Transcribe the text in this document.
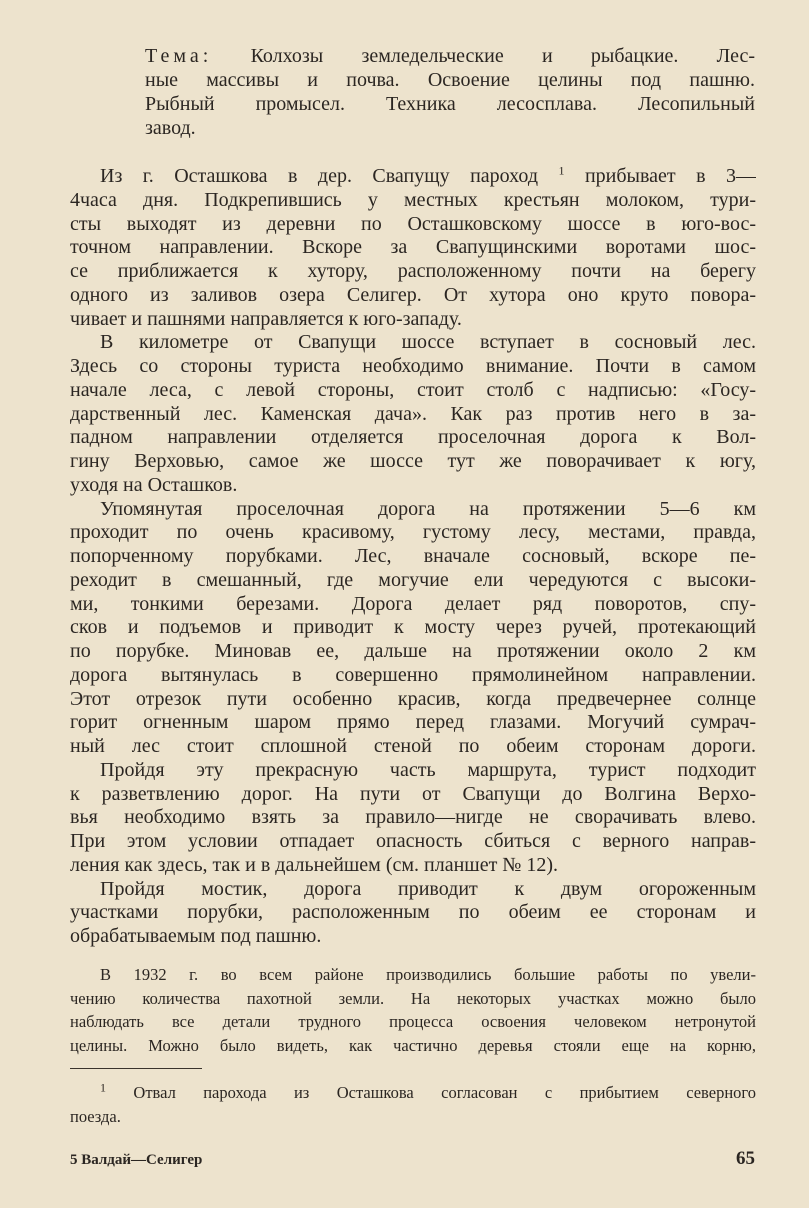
Тема: Колхозы земледельческие и рыбацкие. Лес-
ные массивы и почва. Освоение целины под пашню.
Рыбный промысел. Техника лесосплава. Лесопильный
завод.
Из г. Осташкова в дер. Свапущу пароход $^1$ прибывает в 3—
4часа дня. Подкрепившись у местных крестьян молоком, тури-
сты выходят из деревни по Осташковскому шоссе в юго-вос-
точном направлении. Вскоре за Свапущинскими воротами шос-
се приближается к хутору, расположенному почти на берегу
одного из заливов озера Селигер. От хутора оно круто повора-
чивает и пашнями направляется к юго-западу.
В километре от Свапущи шоссе вступает в сосновый лес.
Здесь со стороны туриста необходимо внимание. Почти в самом
начале леса, с левой стороны, стоит столб с надписью: «Госу-
дарственный лес. Каменская дача». Как раз против него в за-
падном направлении отделяется проселочная дорога к Вол-
гину Верховью, самое же шоссе тут же поворачивает к югу,
уходя на Осташков.
Упомянутая проселочная дорога на протяжении 5—6 км
проходит по очень красивому, густому лесу, местами, правда,
попорченному порубками. Лес, вначале сосновый, вскоре пе-
реходит в смешанный, где могучие ели чередуются с высоки-
ми, тонкими березами. Дорога делает ряд поворотов, спу-
сков и подъемов и приводит к мосту через ручей, протекающий
по порубке. Миновав ее, дальше на протяжении около 2 км
дорога вытянулась в совершенно прямолинейном направлении.
Этот отрезок пути особенно красив, когда предвечернее солнце
горит огненным шаром прямо перед глазами. Могучий сумрач-
ный лес стоит сплошной стеной по обеим сторонам дороги.
Пройдя эту прекрасную часть маршрута, турист подходит
к разветвлению дорог. На пути от Свапущи до Волгина Верхо-
вья необходимо взять за правило—нигде не сворачивать влево.
При этом условии отпадает опасность сбиться с верного направ-
ления как здесь, так и в дальнейшем (см. планшет № 12).
Пройдя мостик, дорога приводит к двум огороженным
участками порубки, расположенным по обеим ее сторонам и
обрабатываемым под пашню.
В 1932 г. во всем районе производились большие работы по увели-
чению количества пахотной земли. На некоторых участках можно было
наблюдать все детали трудного процесса освоения человеком нетронутой
целины. Можно было видеть, как частично деревья стояли еще на корню,
$^1$ Отвал парохода из Осташкова согласован с прибытием северного
поезда.
5 Валдай—Селигер	65
